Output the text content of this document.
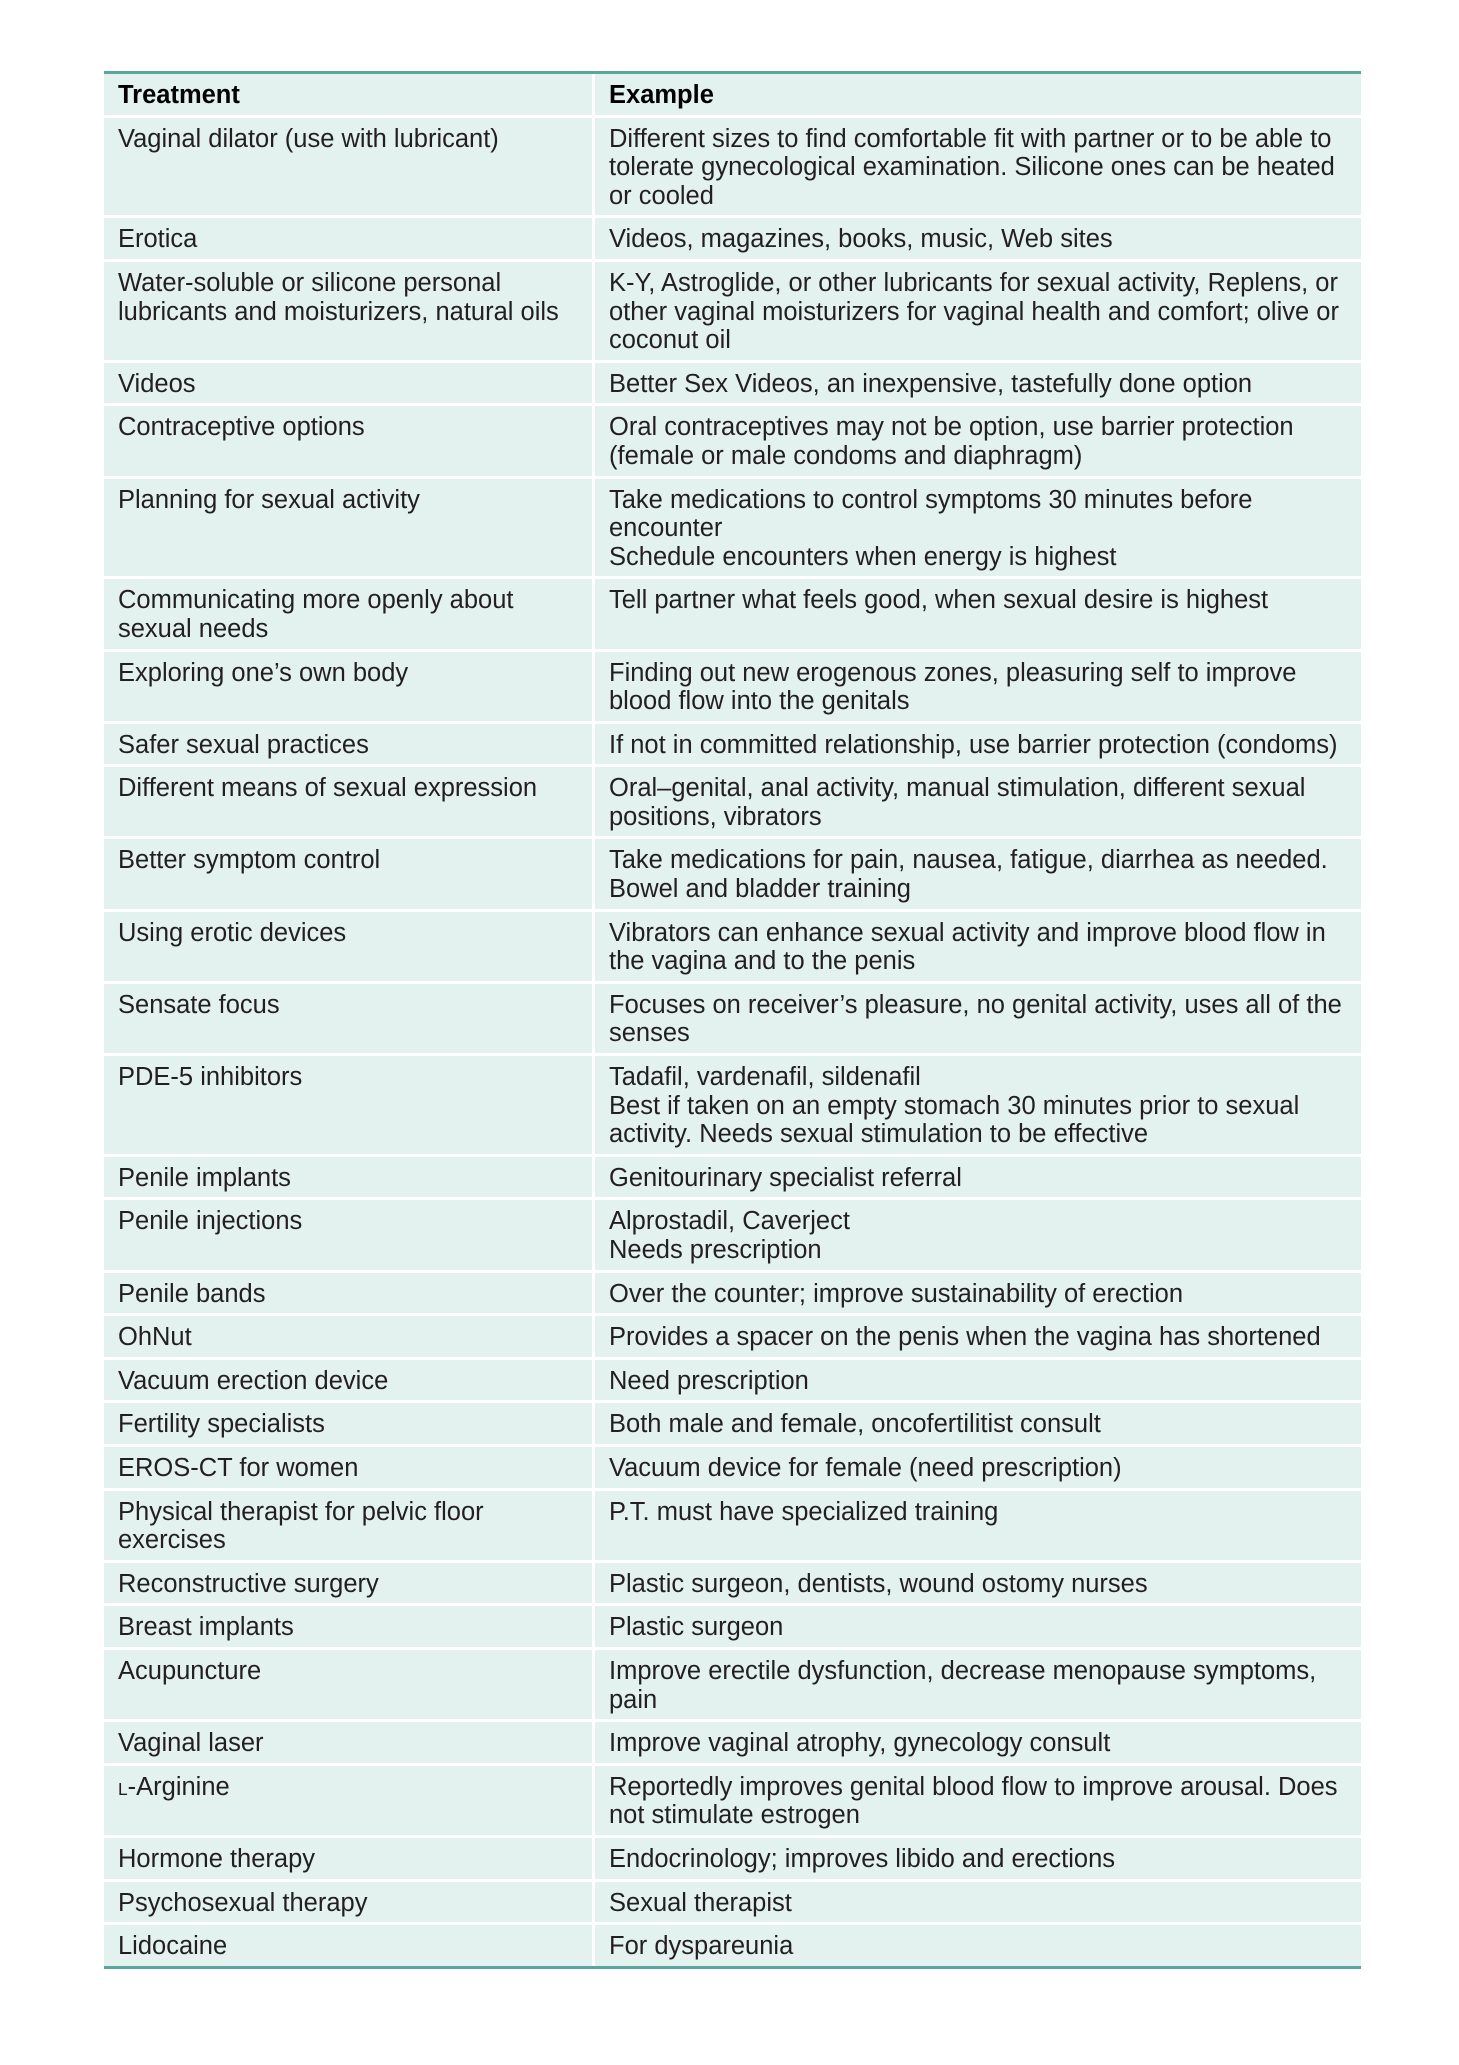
Treatment	Example

Vaginal dilator (use with lubricant)	Different sizes to find comfortable fit with partner or to be able to tolerate gynecological examination. Silicone ones can be heated or cooled

Erotica	Videos, magazines, books, music, Web sites

Water-soluble or silicone personal lubricants and moisturizers, natural oils	K-Y, Astroglide, or other lubricants for sexual activity, Replens, or other vaginal moisturizers for vaginal health and comfort; olive or coconut oil

Videos	Better Sex Videos, an inexpensive, tastefully done option

Contraceptive options	Oral contraceptives may not be option, use barrier protection (female or male condoms and diaphragm)

Planning for sexual activity	Take medications to control symptoms 30 minutes before encounter
Schedule encounters when energy is highest

Communicating more openly about sexual needs	Tell partner what feels good, when sexual desire is highest

Exploring one’s own body	Finding out new erogenous zones, pleasuring self to improve blood flow into the genitals

Safer sexual practices	If not in committed relationship, use barrier protection (condoms)

Different means of sexual expression	Oral–genital, anal activity, manual stimulation, different sexual positions, vibrators

Better symptom control	Take medications for pain, nausea, fatigue, diarrhea as needed.
Bowel and bladder training

Using erotic devices	Vibrators can enhance sexual activity and improve blood flow in the vagina and to the penis

Sensate focus	Focuses on receiver’s pleasure, no genital activity, uses all of the senses

PDE-5 inhibitors	Tadafil, vardenafil, sildenafil
Best if taken on an empty stomach 30 minutes prior to sexual activity. Needs sexual stimulation to be effective

Penile implants	Genitourinary specialist referral

Penile injections	Alprostadil, Caverject
Needs prescription

Penile bands	Over the counter; improve sustainability of erection

OhNut	Provides a spacer on the penis when the vagina has shortened

Vacuum erection device	Need prescription

Fertility specialists	Both male and female, oncofertilitist consult

EROS-CT for women	Vacuum device for female (need prescription)

Physical therapist for pelvic floor exercises	P.T. must have specialized training

Reconstructive surgery	Plastic surgeon, dentists, wound ostomy nurses

Breast implants	Plastic surgeon

Acupuncture	Improve erectile dysfunction, decrease menopause symptoms, pain

Vaginal laser	Improve vaginal atrophy, gynecology consult

L-Arginine	Reportedly improves genital blood flow to improve arousal. Does not stimulate estrogen

Hormone therapy	Endocrinology; improves libido and erections

Psychosexual therapy	Sexual therapist

Lidocaine	For dyspareunia
